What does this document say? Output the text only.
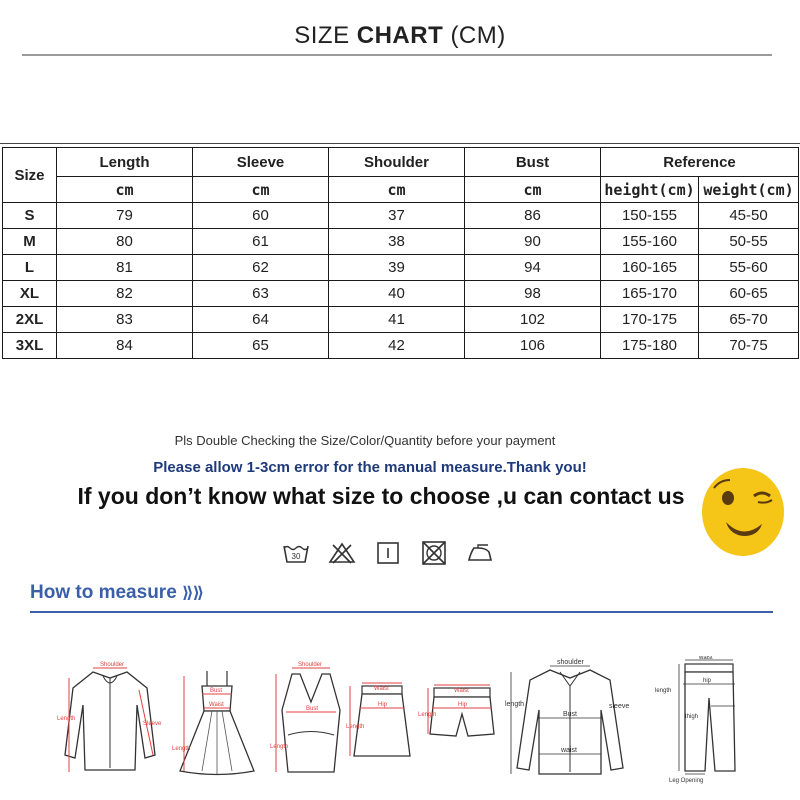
SIZE CHART (CM)
Size	Length	Sleeve	Shoulder	Bust	Reference	
	cm	cm	cm	cm	height(cm)	weight(cm)
S	79	60	37	86	150-155	45-50
M	80	61	38	90	155-160	50-55
L	81	62	39	94	160-165	55-60
XL	82	63	40	98	165-170	60-65
2XL	83	64	41	102	170-175	65-70
3XL	84	65	42	106	175-180	70-75
Pls Double Checking the Size/Color/Quantity before your payment
Please allow 1-3cm error for the manual measure.Thank you!
If you don’t know what size to choose ,u can contact us
30
How to measure ⟫⟫
Shoulder
Length
Sleeve
Bust
Waist
Length
Shoulder
Bust
Length
Waist
Hip
Length
Waist
Hip
Length
shoulder
length	sleeve
Bust
waist
waist
hip
thigh
length
Leg Opening
